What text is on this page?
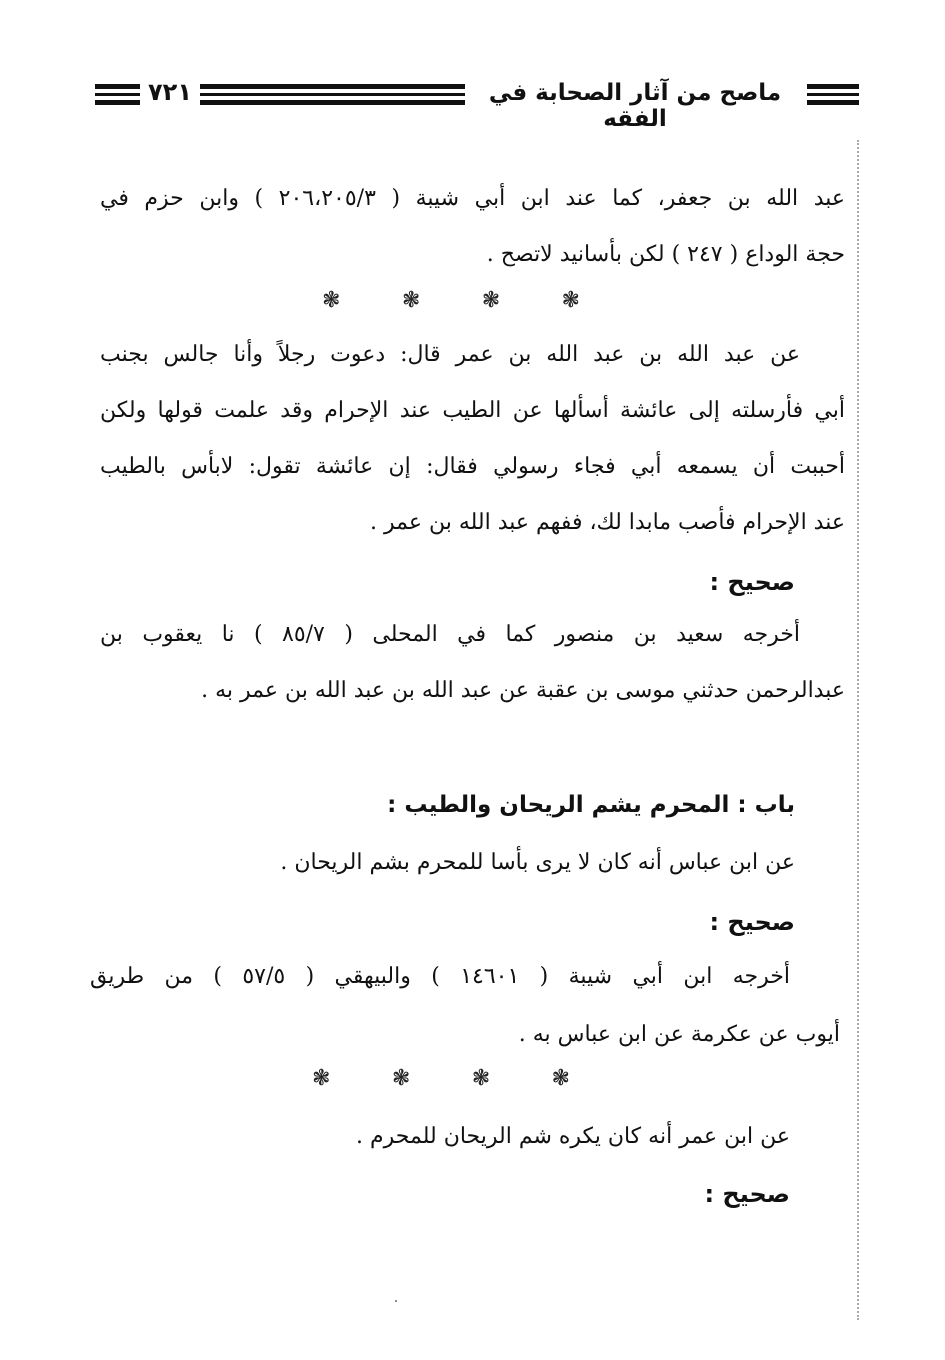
٧٢١	ماصح من آثار الصحابة في الفقه
عبد الله بن جعفر، كما عند ابن أبي شيبة ( ٢٠٦،٢٠٥/٣ ) وابن حزم في
حجة الوداع ( ٢٤٧ ) لكن بأسانيد لاتصح .
❃	❃	❃	❃
عن عبد الله بن عبد الله بن عمر قال: دعوت رجلاً وأنا جالس بجنب
أبي فأرسلته إلى عائشة أسألها عن الطيب عند الإحرام وقد علمت قولها ولكن
أحببت أن يسمعه أبي فجاء رسولي فقال: إن عائشة تقول: لابأس بالطيب
عند الإحرام فأصب مابدا لك، ففهم عبد الله بن عمر .
صحيح :
أخرجه سعيد بن منصور كما في المحلى ( ٨٥/٧ ) نا يعقوب بن
عبدالرحمن حدثني موسى بن عقبة عن عبد الله بن عبد الله بن عمر به .
باب : المحرم يشم الريحان والطيب :
عن ابن عباس أنه كان لا يرى بأسا للمحرم بشم الريحان .
صحيح :
أخرجه ابن أبي شيبة ( ١٤٦٠١ ) والبيهقي ( ٥٧/٥ ) من طريق
أيوب عن عكرمة عن ابن عباس به .
❃	❃	❃	❃
عن ابن عمر أنه كان يكره شم الريحان للمحرم .
صحيح :
